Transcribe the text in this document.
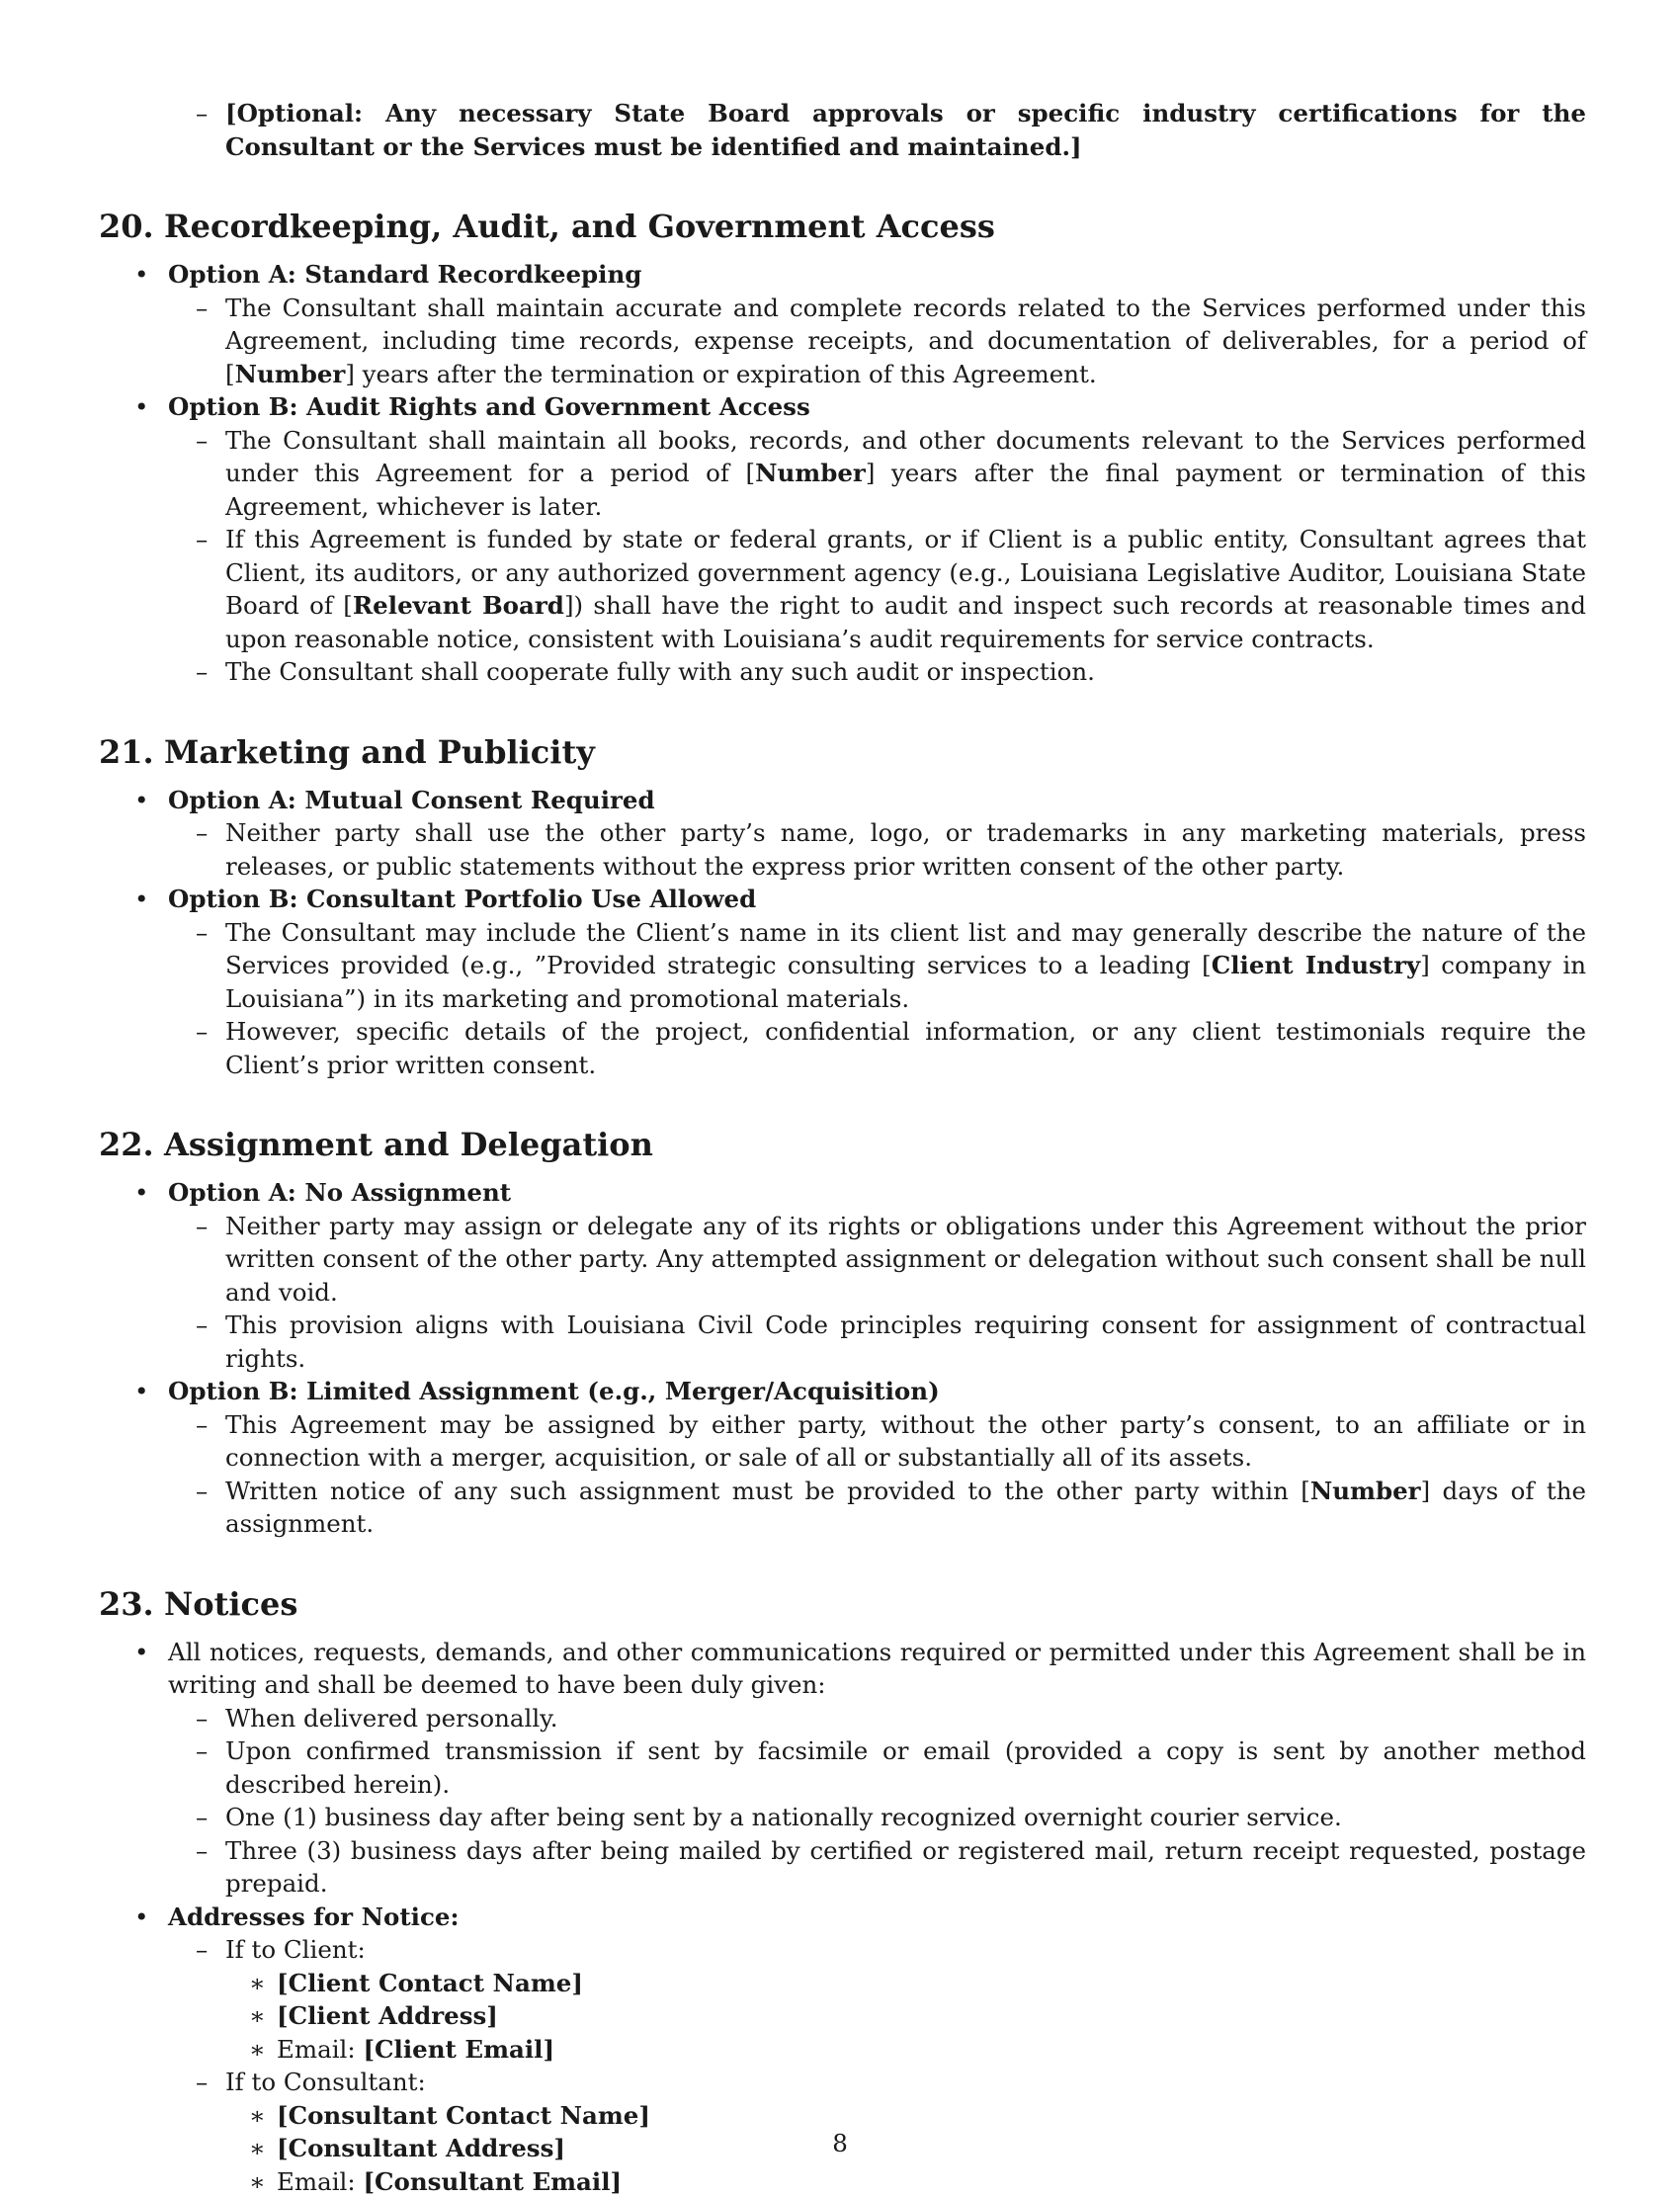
– [Optional: Any necessary State Board approvals or specific industry certifications for the Consultant or the Services must be identified and maintained.]
20. Recordkeeping, Audit, and Government Access
• Option A: Standard Recordkeeping
– The Consultant shall maintain accurate and complete records related to the Services performed under this Agreement, including time records, expense receipts, and documentation of deliverables, for a period of [Number] years after the termination or expiration of this Agreement.
• Option B: Audit Rights and Government Access
– The Consultant shall maintain all books, records, and other documents relevant to the Services performed under this Agreement for a period of [Number] years after the final payment or termination of this Agreement, whichever is later.
– If this Agreement is funded by state or federal grants, or if Client is a public entity, Consultant agrees that Client, its auditors, or any authorized government agency (e.g., Louisiana Legislative Auditor, Louisiana State Board of [Relevant Board]) shall have the right to audit and inspect such records at reasonable times and upon reasonable notice, consistent with Louisiana’s audit requirements for service contracts.
– The Consultant shall cooperate fully with any such audit or inspection.
21. Marketing and Publicity
• Option A: Mutual Consent Required
– Neither party shall use the other party’s name, logo, or trademarks in any marketing materials, press releases, or public statements without the express prior written consent of the other party.
• Option B: Consultant Portfolio Use Allowed
– The Consultant may include the Client’s name in its client list and may generally describe the nature of the Services provided (e.g., ”Provided strategic consulting services to a leading [Client Industry] company in Louisiana”) in its marketing and promotional materials.
– However, specific details of the project, confidential information, or any client testimonials require the Client’s prior written consent.
22. Assignment and Delegation
• Option A: No Assignment
– Neither party may assign or delegate any of its rights or obligations under this Agreement without the prior written consent of the other party. Any attempted assignment or delegation without such consent shall be null and void.
– This provision aligns with Louisiana Civil Code principles requiring consent for assignment of contractual rights.
• Option B: Limited Assignment (e.g., Merger/Acquisition)
– This Agreement may be assigned by either party, without the other party’s consent, to an affiliate or in connection with a merger, acquisition, or sale of all or substantially all of its assets.
– Written notice of any such assignment must be provided to the other party within [Number] days of the assignment.
23. Notices
• All notices, requests, demands, and other communications required or permitted under this Agreement shall be in writing and shall be deemed to have been duly given:
– When delivered personally.
– Upon confirmed transmission if sent by facsimile or email (provided a copy is sent by another method described herein).
– One (1) business day after being sent by a nationally recognized overnight courier service.
– Three (3) business days after being mailed by certified or registered mail, return receipt requested, postage prepaid.
• Addresses for Notice:
– If to Client:
∗ [Client Contact Name]
∗ [Client Address]
∗ Email: [Client Email]
– If to Consultant:
∗ [Consultant Contact Name]
∗ [Consultant Address]
∗ Email: [Consultant Email]
8
